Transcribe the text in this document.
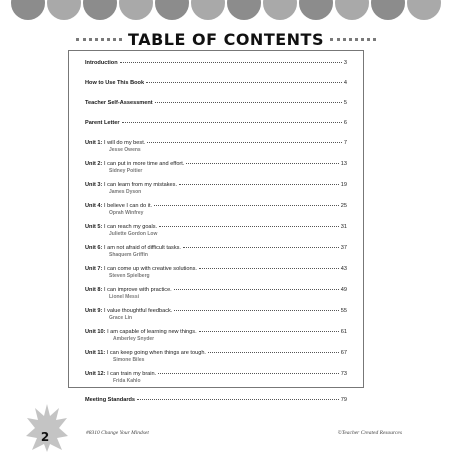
TABLE OF CONTENTS
Introduction	3
How to Use This Book	4
Teacher Self-Assessment	5
Parent Letter	6
Unit 1:
I will do my best.	7
Jesse Owens
Unit 2:
I can put in more time and effort.	13
Sidney Poitier
Unit 3:
I can learn from my mistakes.	19
James Dyson
Unit 4:
I believe I can do it.	25
Oprah Winfrey
Unit 5:
I can reach my goals.	31
Juliette Gordon Low
Unit 6:
I am not afraid of difficult tasks.	37
Shaquem Griffin
Unit 7:
I can come up with creative solutions.	43
Steven Spielberg
Unit 8:
I can improve with practice.	49
Lionel Messi
Unit 9:
I value thoughtful feedback.	55
Grace Lin
Unit 10:
I am capable of learning new things.	61
Amberley Snyder
Unit 11:
I can keep going when things are tough.	67
Simone Biles
Unit 12:
I can train my brain.	73
Frida Kahlo
Meeting Standards	79
2	#8310 Change Your Mindset	©Teacher Created Resources
